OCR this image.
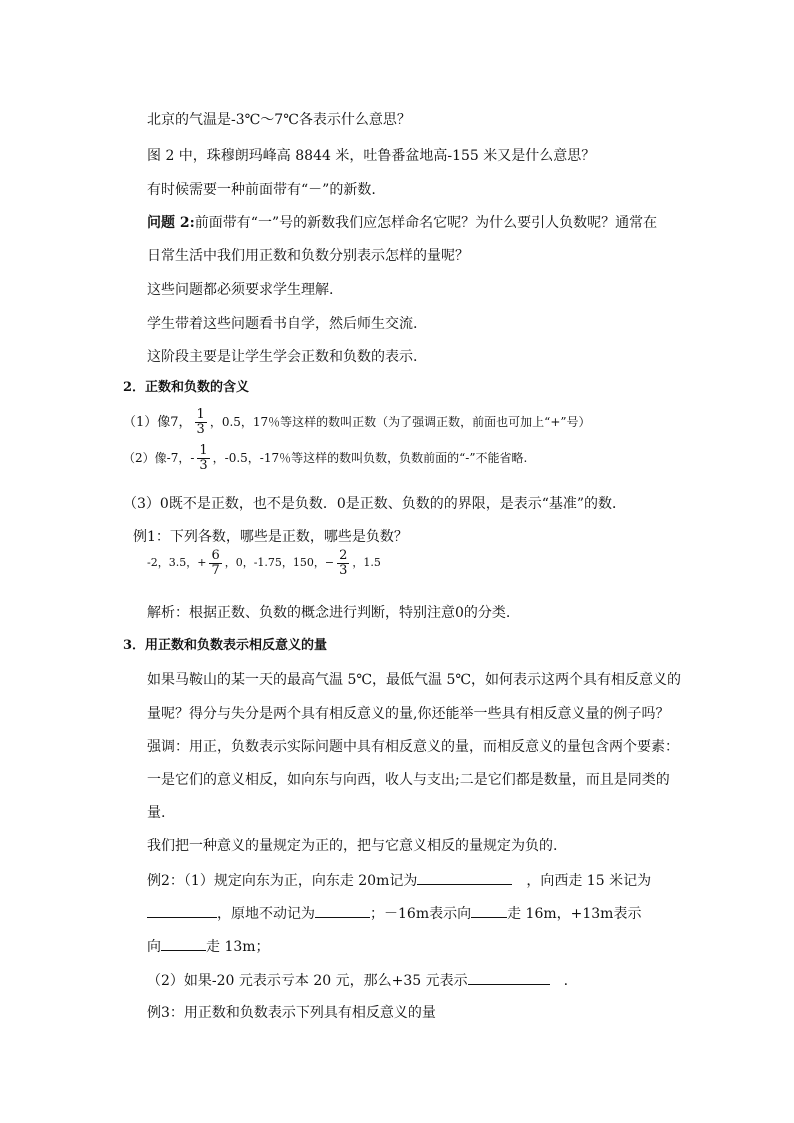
北京的气温是-3℃～7℃各表示什么意思？
图 2 中，珠穆朗玛峰高 8844 米，吐鲁番盆地高-155 米又是什么意思？
有时候需要一种前面带有“－”的新数.
问题 2:前面带有“一”号的新数我们应怎样命名它呢？为什么要引人负数呢？通常在
日常生活中我们用正数和负数分别表示怎样的量呢？
这些问题都必须要求学生理解.
学生带着这些问题看书自学，然后师生交流.
这阶段主要是让学生学会正数和负数的表示.
2．正数和负数的含义
（1）像7， $\frac{1}{3}$ ，0.5，17％等这样的数叫正数（为了强调正数，前面也可加上“+”号）
（2）像-7，- $\frac{1}{3}$ ，-0.5，-17％等这样的数叫负数，负数前面的“-”不能省略.
（3）0既不是正数，也不是负数．0是正数、负数的的界限，是表示“基准”的数．
例1：下列各数，哪些是正数，哪些是负数？
-2，3.5，+ $\frac{6}{7}$ ，0，-1.75，150，− $\frac{2}{3}$ ，1.5
解析：根据正数、负数的概念进行判断，特别注意0的分类.
3．用正数和负数表示相反意义的量
如果马鞍山的某一天的最高气温 5℃，最低气温 5℃，如何表示这两个具有相反意义的
量呢？得分与失分是两个具有相反意义的量,你还能举一些具有相反意义量的例子吗？
强调：用正，负数表示实际问题中具有相反意义的量，而相反意义的量包含两个要素：
一是它们的意义相反，如向东与向西，收人与支出;二是它们都是数量，而且是同类的
量.
我们把一种意义的量规定为正的，把与它意义相反的量规定为负的.
例2：（1）规定向东为正，向东走 20m记为	，向西走 15 米记为
，原地不动记为	；－16m表示向	走 16m，+13m表示
向	走 13m；
（2）如果-20 元表示亏本 20 元，那么+35 元表示	.
例3：用正数和负数表示下列具有相反意义的量
